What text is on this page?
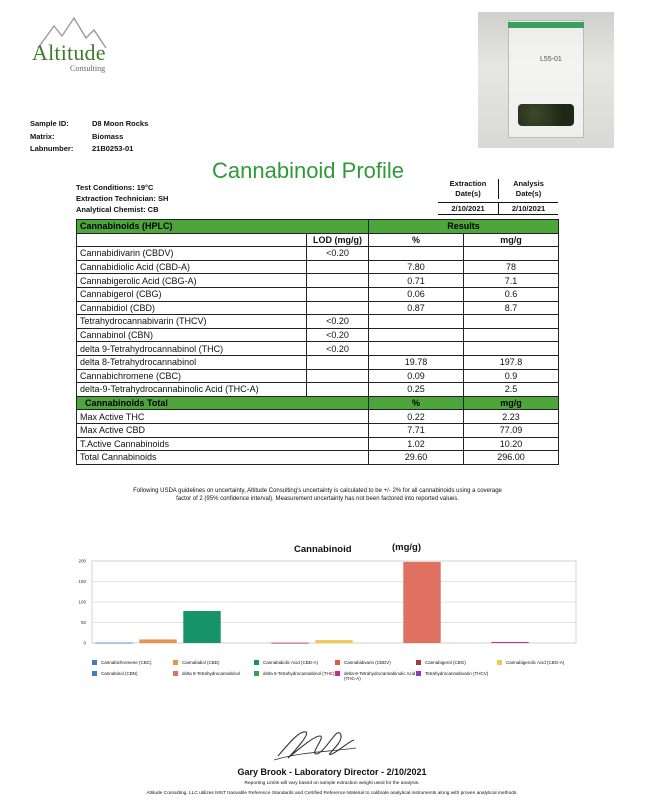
Altitude
Consulting
L55-01
Sample ID:	D8 Moon Rocks
Matrix:	Biomass
Labnumber:	21B0253-01
Cannabinoid Profile
Test Conditions: 19°C
Extraction Technician: SH
Analytical Chemist: CB
Extraction
Date(s)
Analysis
Date(s)
2/10/2021	2/10/2021
Cannabinoids (HPLC)		Results	
	LOD (mg/g)	%	mg/g
Cannabidivarin (CBDV)	<0.20		
Cannabidiolic Acid (CBD-A)		7.80	78
Cannabigerolic Acid (CBG-A)		0.71	7.1
Cannabigerol (CBG)		0.06	0.6
Cannabidiol (CBD)		0.87	8.7
Tetrahydrocannabivarin (THCV)	<0.20		
Cannabinol (CBN)	<0.20		
delta 9-Tetrahydrocannabinol (THC)	<0.20		
delta 8-Tetrahydrocannabinol		19.78	197.8
Cannabichromene (CBC)		0.09	0.9
delta-9-Tetrahydrocannabinolic Acid (THC-A)		0.25	2.5
Cannabinoids Total		%	mg/g
Max Active THC		0.22	2.23
Max Active CBD		7.71	77.09
T.Active Cannabinoids		1.02	10.20
Total Cannabinoids		29.60	296.00
Following USDA guidelines on uncertainty, Altitude Consulting's uncertainty is calculated to be +/- 2% for all cannabinoids using a coverage
factor of 2 (95% confidence interval). Measurement uncertainty has not been factored into reported values.
Cannabinoid	(mg/g)
0
50
100
150
200
Cannabichromene (CBC)	Cannabidiol (CBD)	Cannabidiolic Acid (CBD-A)	Cannabidivarin (CBDV)	Cannabigerol (CBG)	Cannabigerolic Acid (CBG-A)
Cannabinol (CBN)	delta 8-Tetrahydrocannabinol	delta 9-Tetrahydrocannabinol (THC) delta-9-Tetrahydrocannabinolic Acid (THC-A)
Tetrahydrocannabivarin (THCV)
Gary Brook - Laboratory Director - 2/10/2021
Reporting Limits will vary based on sample extraction weight used for the analysis.
Altitude Consulting, LLC utilizes NIST traceable Reference Standards and Certified Reference Material to calibrate analytical instruments along with proven analytical methods.
